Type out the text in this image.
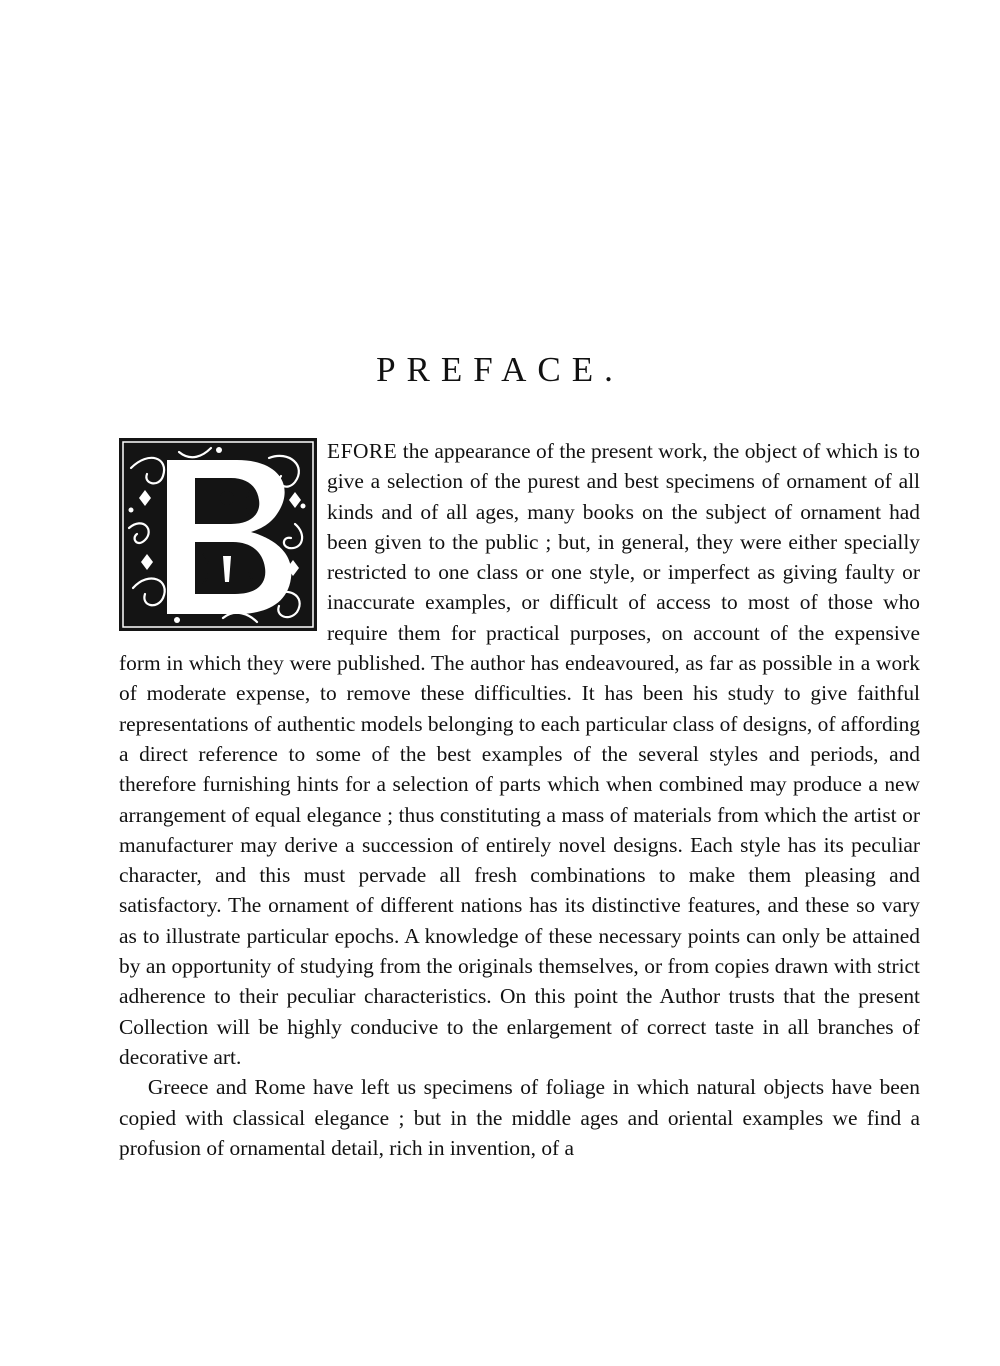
PREFACE.

EFORE the appearance of the present work, the object of which is to give a selection of the purest and best specimens of ornament of all kinds and of all ages, many books on the subject of ornament had been given to the public ; but, in general, they were either specially restricted to one class or one style, or imperfect as giving faulty or inaccurate examples, or difficult of access to most of those who require them for practical purposes, on account of the expensive form in which they were published. The author has endeavoured, as far as possible in a work of moderate expense, to remove these difficulties. It has been his study to give faithful representations of authentic models belonging to each particular class of designs, of affording a direct reference to some of the best examples of the several styles and periods, and therefore furnishing hints for a selection of parts which when combined may produce a new arrangement of equal elegance ; thus constituting a mass of materials from which the artist or manufacturer may derive a succession of entirely novel designs. Each style has its peculiar character, and this must pervade all fresh combinations to make them pleasing and satisfactory. The ornament of different nations has its distinctive features, and these so vary as to illustrate particular epochs. A knowledge of these necessary points can only be attained by an opportunity of studying from the originals themselves, or from copies drawn with strict adherence to their peculiar characteristics. On this point the Author trusts that the present Collection will be highly conducive to the enlargement of correct taste in all branches of decorative art.

Greece and Rome have left us specimens of foliage in which natural objects have been copied with classical elegance ; but in the middle ages and oriental examples we find a profusion of ornamental detail, rich in invention, of a
